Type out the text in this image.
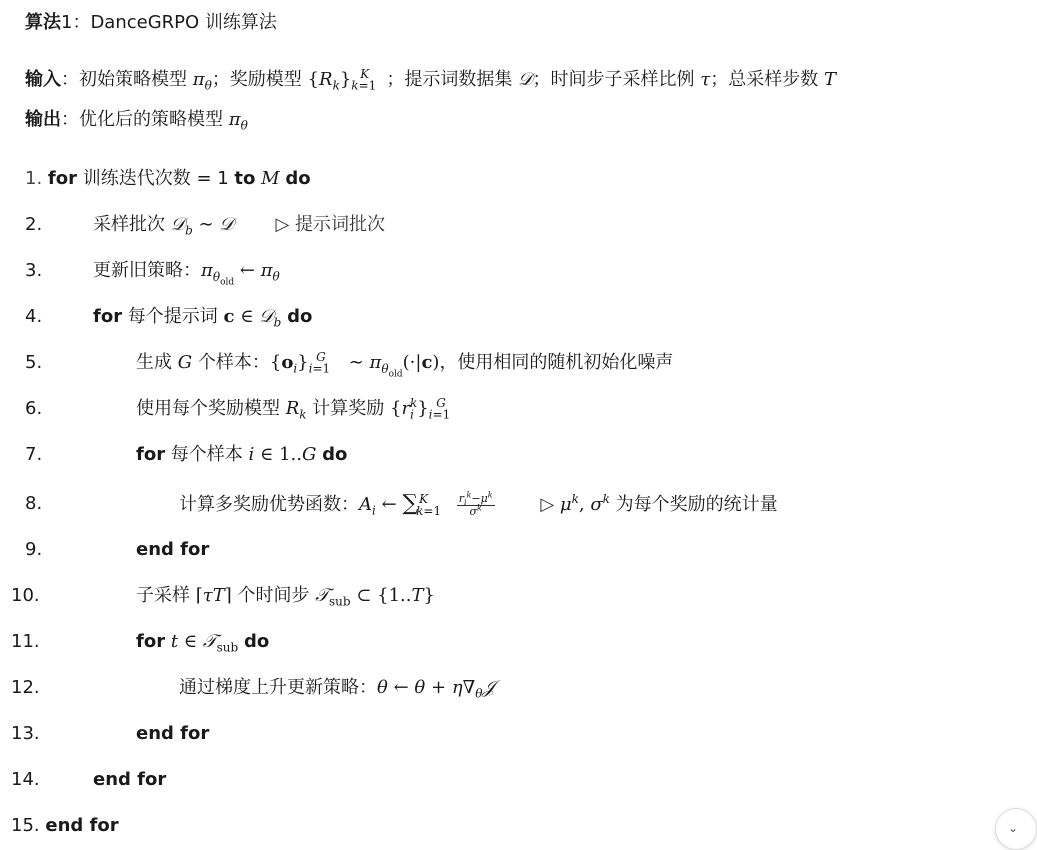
算法1：DanceGRPO 训练算法
输入：初始策略模型 $\pi_\theta$；奖励模型 $\{R_k\}_{k=1}^K$ ；提示词数据集 𝒟；时间步子采样比例 τ；总采样步数 T
输出：优化后的策略模型 $\pi_\theta$
1. for 训练迭代次数 = 1 to M do
2.	采样批次 𝒟$_b$ ∼ 𝒟 ▷ 提示词批次
3.	更新旧策略：$\pi_{\theta_{old}}$ ← $\pi_\theta$
4.	for 每个提示词 c ∈ 𝒟$_b$ do
5.	生成 G 个样本：$\{o_i\}_{i=1}^G$ ∼ $\pi_{\theta_{old}}(\cdot|c)$，使用相同的随机初始化噪声
6.	使用每个奖励模型 $R_k$ 计算奖励 $\{r_i^k\}_{i=1}^G$
7.	for 每个样本 i ∈ 1..G do
8.	计算多奖励优势函数：$A_i$ ← $\sum_{k=1}^K$	$\frac{r_i^k-\mu^k}{\sigma^k}$	▷ $\mu^k$, $\sigma^k$ 为每个奖励的统计量
9.	end for
10.	子采样 ⌈τT⌉ 个时间步 𝒯$_{sub}$ ⊂ {1..T}
11.	for t ∈ 𝒯$_{sub}$ do
12.	通过梯度上升更新策略：θ ← $\theta + \eta\nabla_\theta 𝒥$
13.	end for
14.	end for
15. end for	⌄
